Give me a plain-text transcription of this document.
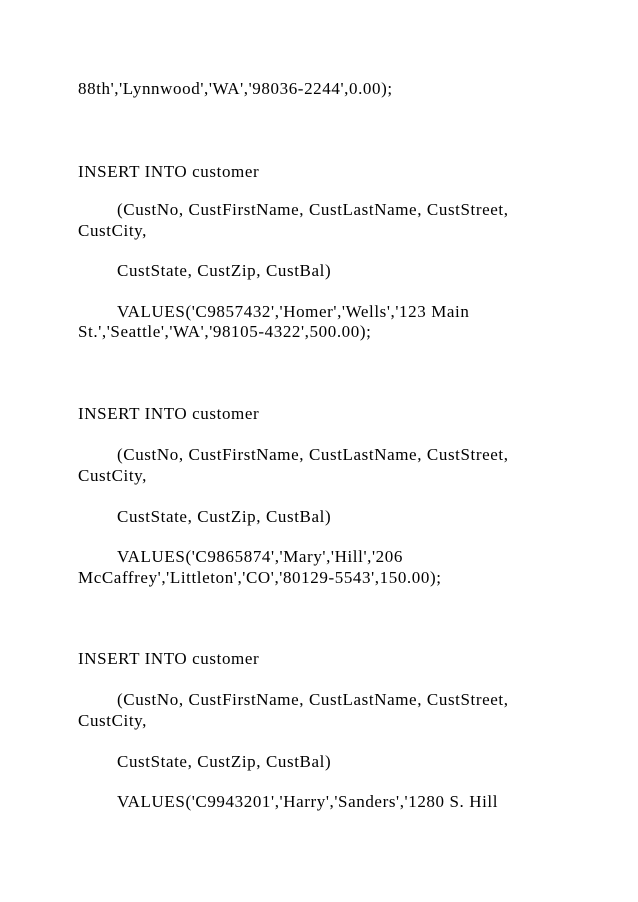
88th','Lynnwood','WA','98036-2244',0.00);

INSERT INTO customer

(CustNo, CustFirstName, CustLastName, CustStreet,

CustCity,

CustState, CustZip, CustBal)

VALUES('C9857432','Homer','Wells','123 Main

St.','Seattle','WA','98105-4322',500.00);

INSERT INTO customer

(CustNo, CustFirstName, CustLastName, CustStreet,

CustCity,

CustState, CustZip, CustBal)

VALUES('C9865874','Mary','Hill','206

McCaffrey','Littleton','CO','80129-5543',150.00);

INSERT INTO customer

(CustNo, CustFirstName, CustLastName, CustStreet,

CustCity,

CustState, CustZip, CustBal)

VALUES('C9943201','Harry','Sanders','1280 S. Hill
